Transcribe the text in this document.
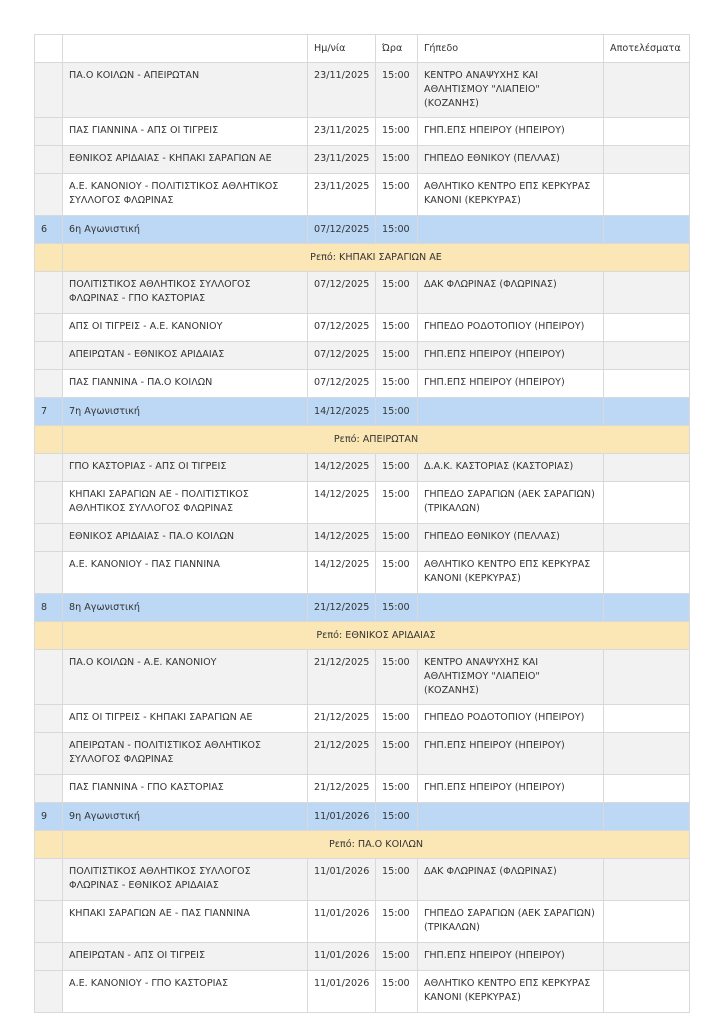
		Ημ/νία	Ώρα	Γήπεδο	Αποτελέσματα
	ΠΑ.Ο ΚΟΙΛΩΝ - ΑΠΕΙΡΩΤΑΝ	23/11/2025	15:00	ΚΕΝΤΡΟ ΑΝΑΨΥΧΗΣ ΚΑΙ ΑΘΛΗΤΙΣΜΟΥ "ΛΙΑΠΕΙΟ" (ΚΟΖΑΝΗΣ)	
	ΠΑΣ ΓΙΑΝΝΙΝΑ - ΑΠΣ ΟΙ ΤΙΓΡΕΙΣ	23/11/2025	15:00	ΓΗΠ.ΕΠΣ ΗΠΕΙΡΟΥ (ΗΠΕΙΡΟΥ)	
	ΕΘΝΙΚΟΣ ΑΡΙΔΑΙΑΣ - ΚΗΠΑΚΙ ΣΑΡΑΓΙΩΝ ΑΕ	23/11/2025	15:00	ΓΗΠΕΔΟ ΕΘΝΙΚΟΥ (ΠΕΛΛΑΣ)	
	Α.Ε. ΚΑΝΟΝΙΟΥ - ΠΟΛΙΤΙΣΤΙΚΟΣ ΑΘΛΗΤΙΚΟΣ ΣΥΛΛΟΓΟΣ ΦΛΩΡΙΝΑΣ	23/11/2025	15:00	ΑΘΛΗΤΙΚΟ ΚΕΝΤΡΟ ΕΠΣ ΚΕΡΚΥΡΑΣ ΚΑΝΟΝΙ (ΚΕΡΚΥΡΑΣ)	
6	6η Αγωνιστική	07/12/2025	15:00		
	Ρεπό: ΚΗΠΑΚΙ ΣΑΡΑΓΙΩΝ ΑΕ				
	ΠΟΛΙΤΙΣΤΙΚΟΣ ΑΘΛΗΤΙΚΟΣ ΣΥΛΛΟΓΟΣ ΦΛΩΡΙΝΑΣ - ΓΠΟ ΚΑΣΤΟΡΙΑΣ	07/12/2025	15:00	ΔΑΚ ΦΛΩΡΙΝΑΣ (ΦΛΩΡΙΝΑΣ)	
	ΑΠΣ ΟΙ ΤΙΓΡΕΙΣ - Α.Ε. ΚΑΝΟΝΙΟΥ	07/12/2025	15:00	ΓΗΠΕΔΟ ΡΟΔΟΤΟΠΙΟΥ (ΗΠΕΙΡΟΥ)	
	ΑΠΕΙΡΩΤΑΝ - ΕΘΝΙΚΟΣ ΑΡΙΔΑΙΑΣ	07/12/2025	15:00	ΓΗΠ.ΕΠΣ ΗΠΕΙΡΟΥ (ΗΠΕΙΡΟΥ)	
	ΠΑΣ ΓΙΑΝΝΙΝΑ - ΠΑ.Ο ΚΟΙΛΩΝ	07/12/2025	15:00	ΓΗΠ.ΕΠΣ ΗΠΕΙΡΟΥ (ΗΠΕΙΡΟΥ)	
7	7η Αγωνιστική	14/12/2025	15:00		
	Ρεπό: ΑΠΕΙΡΩΤΑΝ				
	ΓΠΟ ΚΑΣΤΟΡΙΑΣ - ΑΠΣ ΟΙ ΤΙΓΡΕΙΣ	14/12/2025	15:00	Δ.Α.Κ. ΚΑΣΤΟΡΙΑΣ (ΚΑΣΤΟΡΙΑΣ)	
	ΚΗΠΑΚΙ ΣΑΡΑΓΙΩΝ ΑΕ - ΠΟΛΙΤΙΣΤΙΚΟΣ ΑΘΛΗΤΙΚΟΣ ΣΥΛΛΟΓΟΣ ΦΛΩΡΙΝΑΣ	14/12/2025	15:00	ΓΗΠΕΔΟ ΣΑΡΑΓΙΩΝ (ΑΕΚ ΣΑΡΑΓΙΩΝ) (ΤΡΙΚΑΛΩΝ)	
	ΕΘΝΙΚΟΣ ΑΡΙΔΑΙΑΣ - ΠΑ.Ο ΚΟΙΛΩΝ	14/12/2025	15:00	ΓΗΠΕΔΟ ΕΘΝΙΚΟΥ (ΠΕΛΛΑΣ)	
	Α.Ε. ΚΑΝΟΝΙΟΥ - ΠΑΣ ΓΙΑΝΝΙΝΑ	14/12/2025	15:00	ΑΘΛΗΤΙΚΟ ΚΕΝΤΡΟ ΕΠΣ ΚΕΡΚΥΡΑΣ ΚΑΝΟΝΙ (ΚΕΡΚΥΡΑΣ)	
8	8η Αγωνιστική	21/12/2025	15:00		
	Ρεπό: ΕΘΝΙΚΟΣ ΑΡΙΔΑΙΑΣ				
	ΠΑ.Ο ΚΟΙΛΩΝ - Α.Ε. ΚΑΝΟΝΙΟΥ	21/12/2025	15:00	ΚΕΝΤΡΟ ΑΝΑΨΥΧΗΣ ΚΑΙ ΑΘΛΗΤΙΣΜΟΥ "ΛΙΑΠΕΙΟ" (ΚΟΖΑΝΗΣ)	
	ΑΠΣ ΟΙ ΤΙΓΡΕΙΣ - ΚΗΠΑΚΙ ΣΑΡΑΓΙΩΝ ΑΕ	21/12/2025	15:00	ΓΗΠΕΔΟ ΡΟΔΟΤΟΠΙΟΥ (ΗΠΕΙΡΟΥ)	
	ΑΠΕΙΡΩΤΑΝ - ΠΟΛΙΤΙΣΤΙΚΟΣ ΑΘΛΗΤΙΚΟΣ ΣΥΛΛΟΓΟΣ ΦΛΩΡΙΝΑΣ	21/12/2025	15:00	ΓΗΠ.ΕΠΣ ΗΠΕΙΡΟΥ (ΗΠΕΙΡΟΥ)	
	ΠΑΣ ΓΙΑΝΝΙΝΑ - ΓΠΟ ΚΑΣΤΟΡΙΑΣ	21/12/2025	15:00	ΓΗΠ.ΕΠΣ ΗΠΕΙΡΟΥ (ΗΠΕΙΡΟΥ)	
9	9η Αγωνιστική	11/01/2026	15:00		
	Ρεπό: ΠΑ.Ο ΚΟΙΛΩΝ				
	ΠΟΛΙΤΙΣΤΙΚΟΣ ΑΘΛΗΤΙΚΟΣ ΣΥΛΛΟΓΟΣ ΦΛΩΡΙΝΑΣ - ΕΘΝΙΚΟΣ ΑΡΙΔΑΙΑΣ	11/01/2026	15:00	ΔΑΚ ΦΛΩΡΙΝΑΣ (ΦΛΩΡΙΝΑΣ)	
	ΚΗΠΑΚΙ ΣΑΡΑΓΙΩΝ ΑΕ - ΠΑΣ ΓΙΑΝΝΙΝΑ	11/01/2026	15:00	ΓΗΠΕΔΟ ΣΑΡΑΓΙΩΝ (ΑΕΚ ΣΑΡΑΓΙΩΝ) (ΤΡΙΚΑΛΩΝ)	
	ΑΠΕΙΡΩΤΑΝ - ΑΠΣ ΟΙ ΤΙΓΡΕΙΣ	11/01/2026	15:00	ΓΗΠ.ΕΠΣ ΗΠΕΙΡΟΥ (ΗΠΕΙΡΟΥ)	
	Α.Ε. ΚΑΝΟΝΙΟΥ - ΓΠΟ ΚΑΣΤΟΡΙΑΣ	11/01/2026	15:00	ΑΘΛΗΤΙΚΟ ΚΕΝΤΡΟ ΕΠΣ ΚΕΡΚΥΡΑΣ ΚΑΝΟΝΙ (ΚΕΡΚΥΡΑΣ)	
